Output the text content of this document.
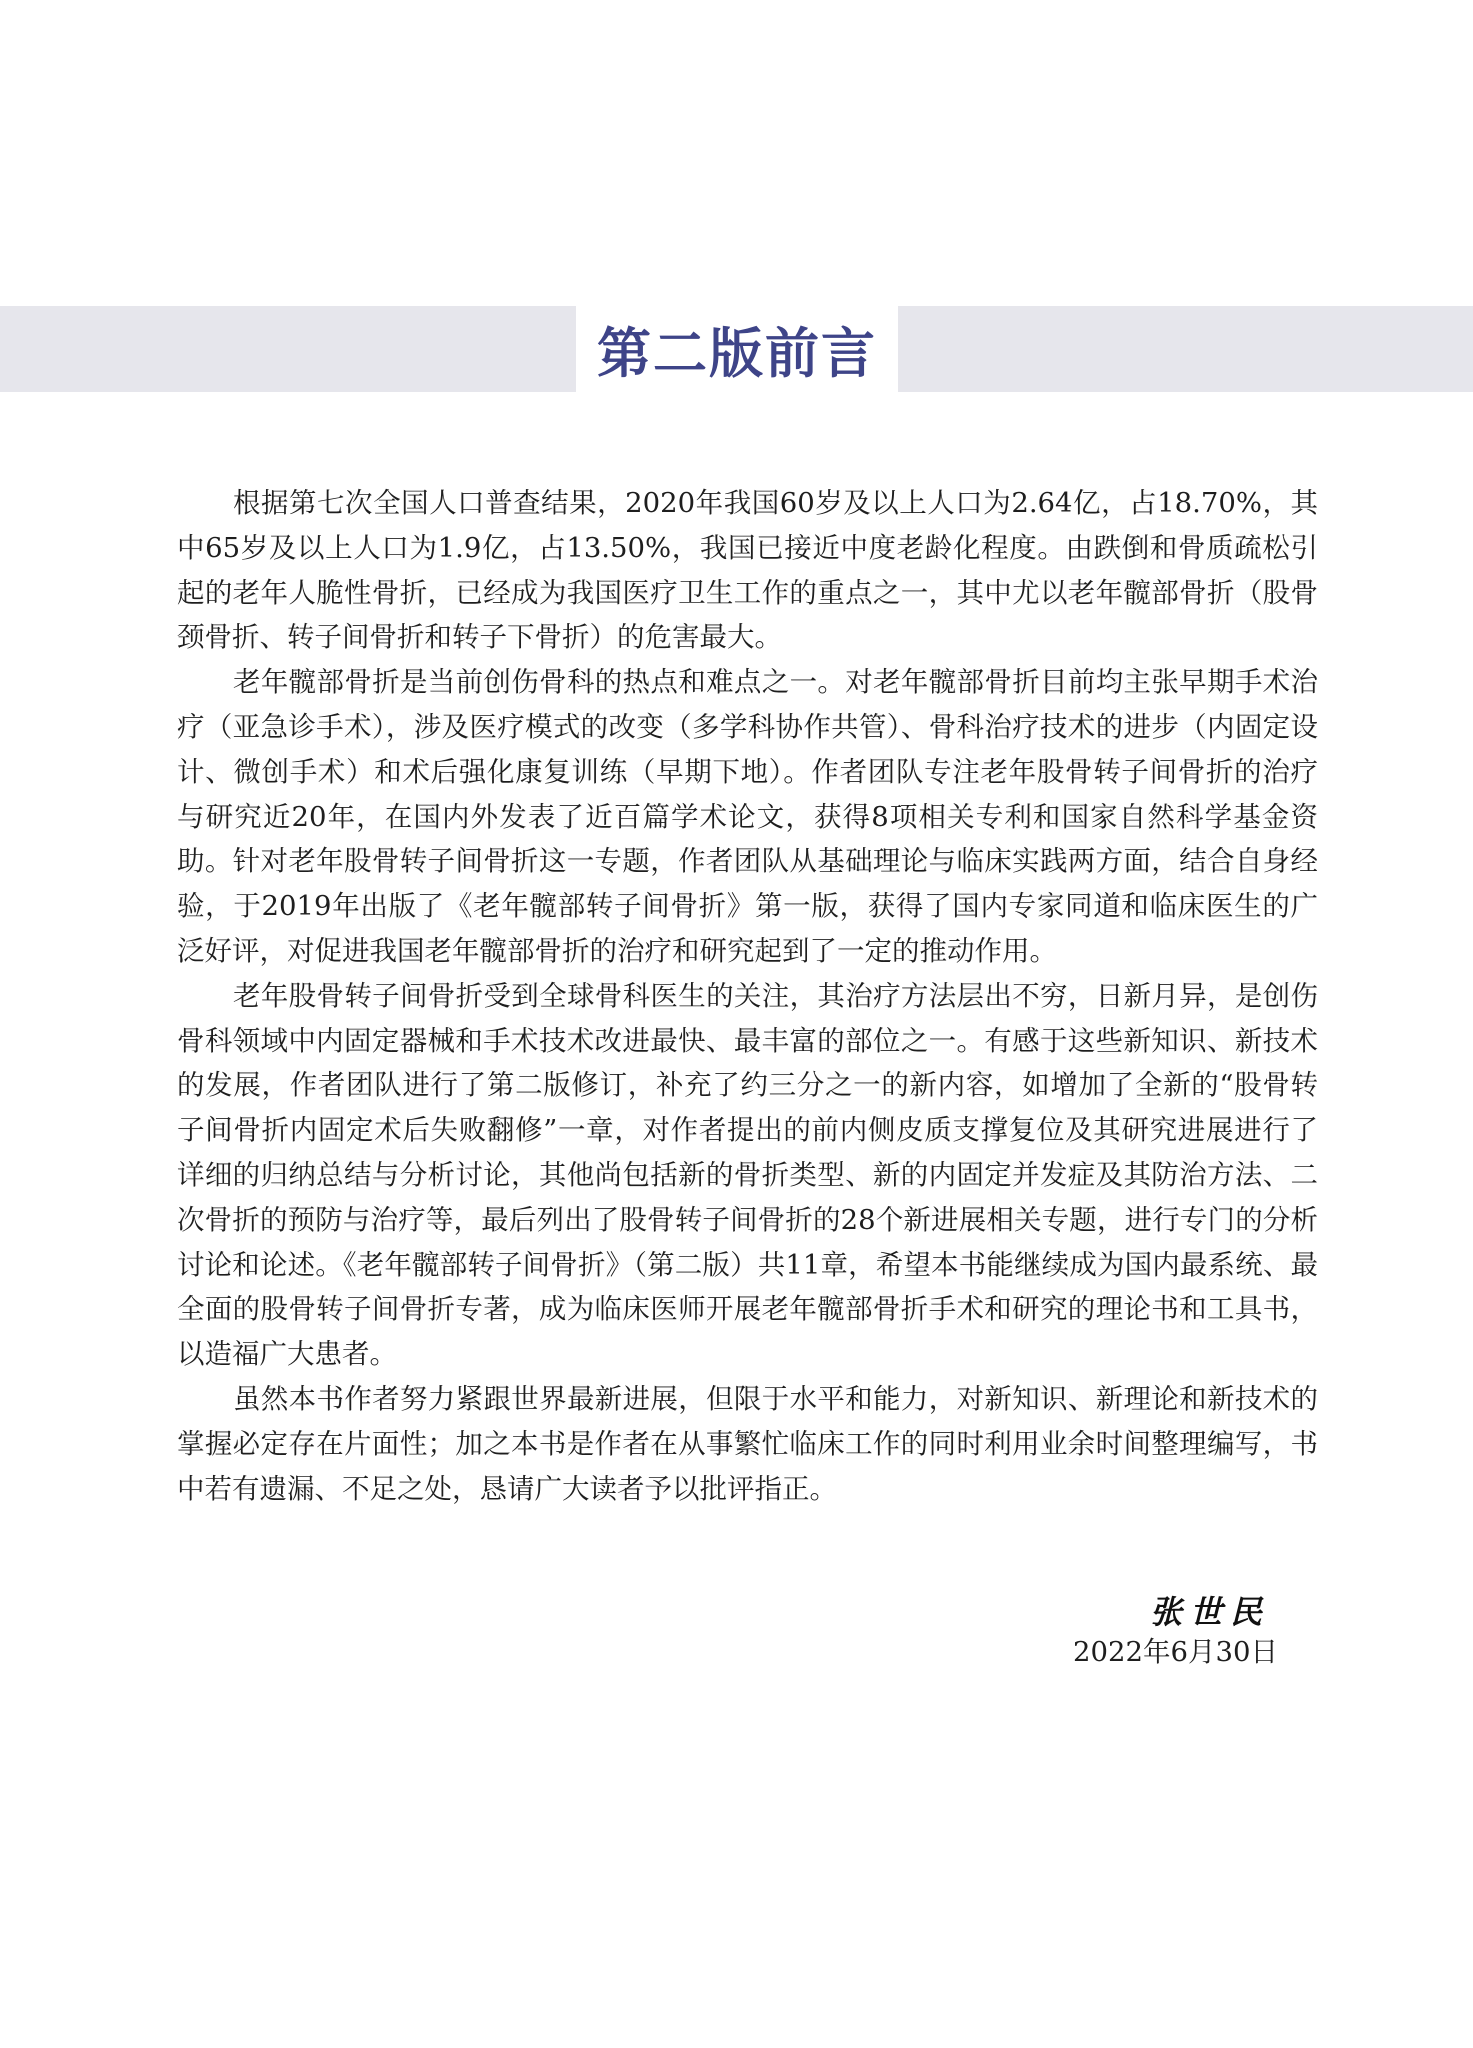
第二版前言

根据第七次全国人口普查结果，2020年我国60岁及以上人口为2.64亿，占18.70%，其中65岁及以上人口为1.9亿，占13.50%，我国已接近中度老龄化程度。由跌倒和骨质疏松引起的老年人脆性骨折，已经成为我国医疗卫生工作的重点之一，其中尤以老年髋部骨折（股骨颈骨折、转子间骨折和转子下骨折）的危害最大。

老年髋部骨折是当前创伤骨科的热点和难点之一。对老年髋部骨折目前均主张早期手术治疗（亚急诊手术），涉及医疗模式的改变（多学科协作共管）、骨科治疗技术的进步（内固定设计、微创手术）和术后强化康复训练（早期下地）。作者团队专注老年股骨转子间骨折的治疗与研究近20年，在国内外发表了近百篇学术论文，获得8项相关专利和国家自然科学基金资助。针对老年股骨转子间骨折这一专题，作者团队从基础理论与临床实践两方面，结合自身经验，于2019年出版了《老年髋部转子间骨折》第一版，获得了国内专家同道和临床医生的广泛好评，对促进我国老年髋部骨折的治疗和研究起到了一定的推动作用。

老年股骨转子间骨折受到全球骨科医生的关注，其治疗方法层出不穷，日新月异，是创伤骨科领域中内固定器械和手术技术改进最快、最丰富的部位之一。有感于这些新知识、新技术的发展，作者团队进行了第二版修订，补充了约三分之一的新内容，如增加了全新的“股骨转子间骨折内固定术后失败翻修”一章，对作者提出的前内侧皮质支撑复位及其研究进展进行了详细的归纳总结与分析讨论，其他尚包括新的骨折类型、新的内固定并发症及其防治方法、二次骨折的预防与治疗等，最后列出了股骨转子间骨折的28个新进展相关专题，进行专门的分析讨论和论述。《老年髋部转子间骨折》（第二版）共11章，希望本书能继续成为国内最系统、最全面的股骨转子间骨折专著，成为临床医师开展老年髋部骨折手术和研究的理论书和工具书，以造福广大患者。

虽然本书作者努力紧跟世界最新进展，但限于水平和能力，对新知识、新理论和新技术的掌握必定存在片面性；加之本书是作者在从事繁忙临床工作的同时利用业余时间整理编写，书中若有遗漏、不足之处，恳请广大读者予以批评指正。

张世民
2022年6月30日
